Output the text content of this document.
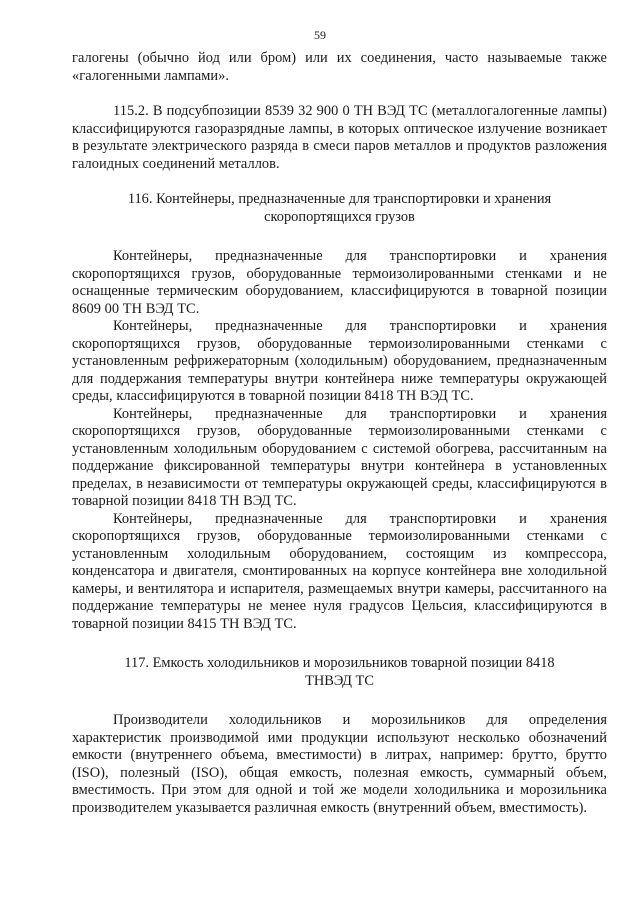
59

галогены (обычно йод или бром) или их соединения, часто называемые также «галогенными лампами».

115.2. В подсубпозиции 8539 32 900 0 ТН ВЭД ТС (металлогалогенные лампы) классифицируются газоразрядные лампы, в которых оптическое излучение возникает в результате электрического разряда в смеси паров металлов и продуктов разложения галоидных соединений металлов.

116. Контейнеры, предназначенные для транспортировки и хранения скоропортящихся грузов

Контейнеры, предназначенные для транспортировки и хранения скоропортящихся грузов, оборудованные термоизолированными стенками и не оснащенные термическим оборудованием, классифицируются в товарной позиции 8609 00 ТН ВЭД ТС.

Контейнеры, предназначенные для транспортировки и хранения скоропортящихся грузов, оборудованные термоизолированными стенками с установленным рефрижераторным (холодильным) оборудованием, предназначенным для поддержания температуры внутри контейнера ниже температуры окружающей среды, классифицируются в товарной позиции 8418 ТН ВЭД ТС.

Контейнеры, предназначенные для транспортировки и хранения скоропортящихся грузов, оборудованные термоизолированными стенками с установленным холодильным оборудованием с системой обогрева, рассчитанным на поддержание фиксированной температуры внутри контейнера в установленных пределах, в независимости от температуры окружающей среды, классифицируются в товарной позиции 8418 ТН ВЭД ТС.

Контейнеры, предназначенные для транспортировки и хранения скоропортящихся грузов, оборудованные термоизолированными стенками с установленным холодильным оборудованием, состоящим из компрессора, конденсатора и двигателя, смонтированных на корпусе контейнера вне холодильной камеры, и вентилятора и испарителя, размещаемых внутри камеры, рассчитанного на поддержание температуры не менее нуля градусов Цельсия, классифицируются в товарной позиции 8415 ТН ВЭД ТС.

117. Емкость холодильников и морозильников товарной позиции 8418 ТНВЭД ТС

Производители холодильников и морозильников для определения характеристик производимой ими продукции используют несколько обозначений емкости (внутреннего объема, вместимости) в литрах, например: брутто, брутто (ISO), полезный (ISO), общая емкость, полезная емкость, суммарный объем, вместимость. При этом для одной и той же модели холодильника и морозильника производителем указывается различная емкость (внутренний объем, вместимость).
